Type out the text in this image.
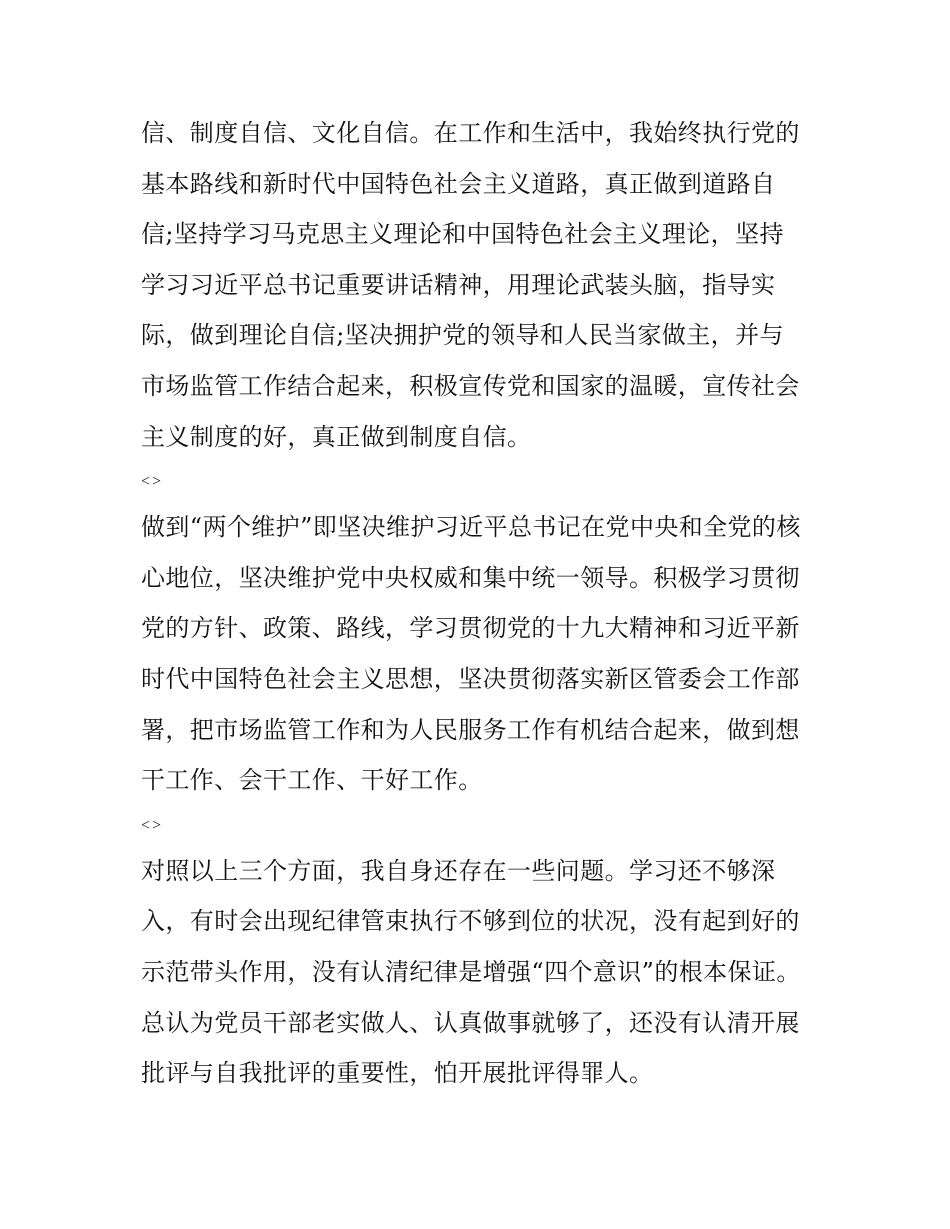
信、制度自信、文化自信。在工作和生活中，我始终执行党的
基本路线和新时代中国特色社会主义道路，真正做到道路自
信;坚持学习马克思主义理论和中国特色社会主义理论，坚持
学习习近平总书记重要讲话精神，用理论武装头脑，指导实
际，做到理论自信;坚决拥护党的领导和人民当家做主，并与
市场监管工作结合起来，积极宣传党和国家的温暖，宣传社会
主义制度的好，真正做到制度自信。
<>
做到“两个维护”即坚决维护习近平总书记在党中央和全党的核
心地位，坚决维护党中央权威和集中统一领导。积极学习贯彻
党的方针、政策、路线，学习贯彻党的十九大精神和习近平新
时代中国特色社会主义思想，坚决贯彻落实新区管委会工作部
署，把市场监管工作和为人民服务工作有机结合起来，做到想
干工作、会干工作、干好工作。
<>
对照以上三个方面，我自身还存在一些问题。学习还不够深
入，有时会出现纪律管束执行不够到位的状况，没有起到好的
示范带头作用，没有认清纪律是增强“四个意识”的根本保证。
总认为党员干部老实做人、认真做事就够了，还没有认清开展
批评与自我批评的重要性，怕开展批评得罪人。
